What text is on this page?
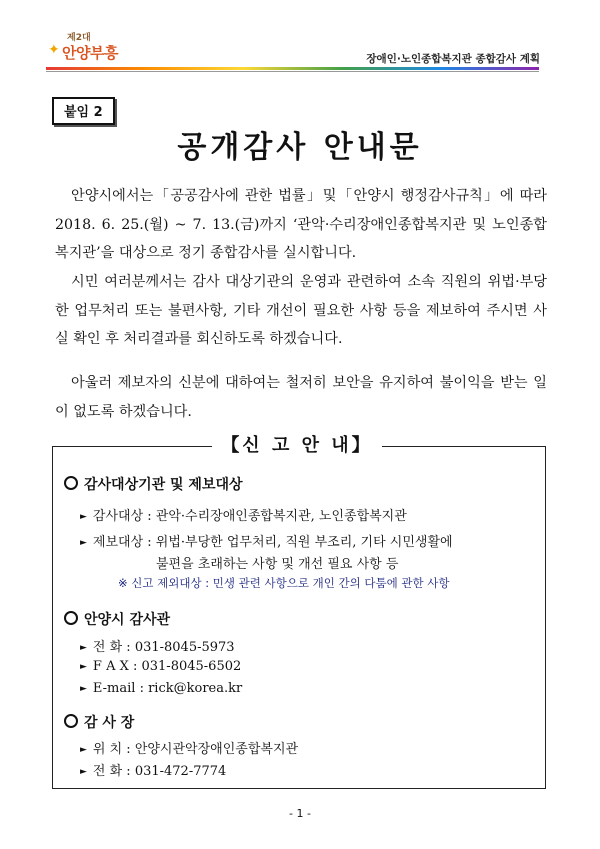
제2대
✦ 안양부흥	장애인·노인종합복지관 종합감사 계획
붙임 2
공개감사 안내문
안양시에서는「공공감사에 관한 법률」및「안양시 행정감사규칙」에 따라 2018. 6. 25.(월) ~ 7. 13.(금)까지 ‘관악·수리장애인종합복지관 및 노인종합복지관’을 대상으로 정기 종합감사를 실시합니다.
시민 여러분께서는 감사 대상기관의 운영과 관련하여 소속 직원의 위법·부당한 업무처리 또는 불편사항, 기타 개선이 필요한 사항 등을 제보하여 주시면 사실 확인 후 처리결과를 회신하도록 하겠습니다.
아울러 제보자의 신분에 대하여는 철저히 보안을 유지하여 불이익을 받는 일이 없도록 하겠습니다.
【신 고 안 내】
감사대상기관 및 제보대상
► 감사대상 : 관악·수리장애인종합복지관, 노인종합복지관
► 제보대상 : 위법·부당한 업무처리, 직원 부조리, 기타 시민생활에
불편을 초래하는 사항 및 개선 필요 사항 등
※ 신고 제외대상 : 민생 관련 사항으로 개인 간의 다툼에 관한 사항
안양시 감사관
► 전 화 : 031-8045-5973
► F A X : 031-8045-6502
► E-mail : rick@korea.kr
감 사 장
► 위 치 : 안양시관악장애인종합복지관
► 전 화 : 031-472-7774
- 1 -
